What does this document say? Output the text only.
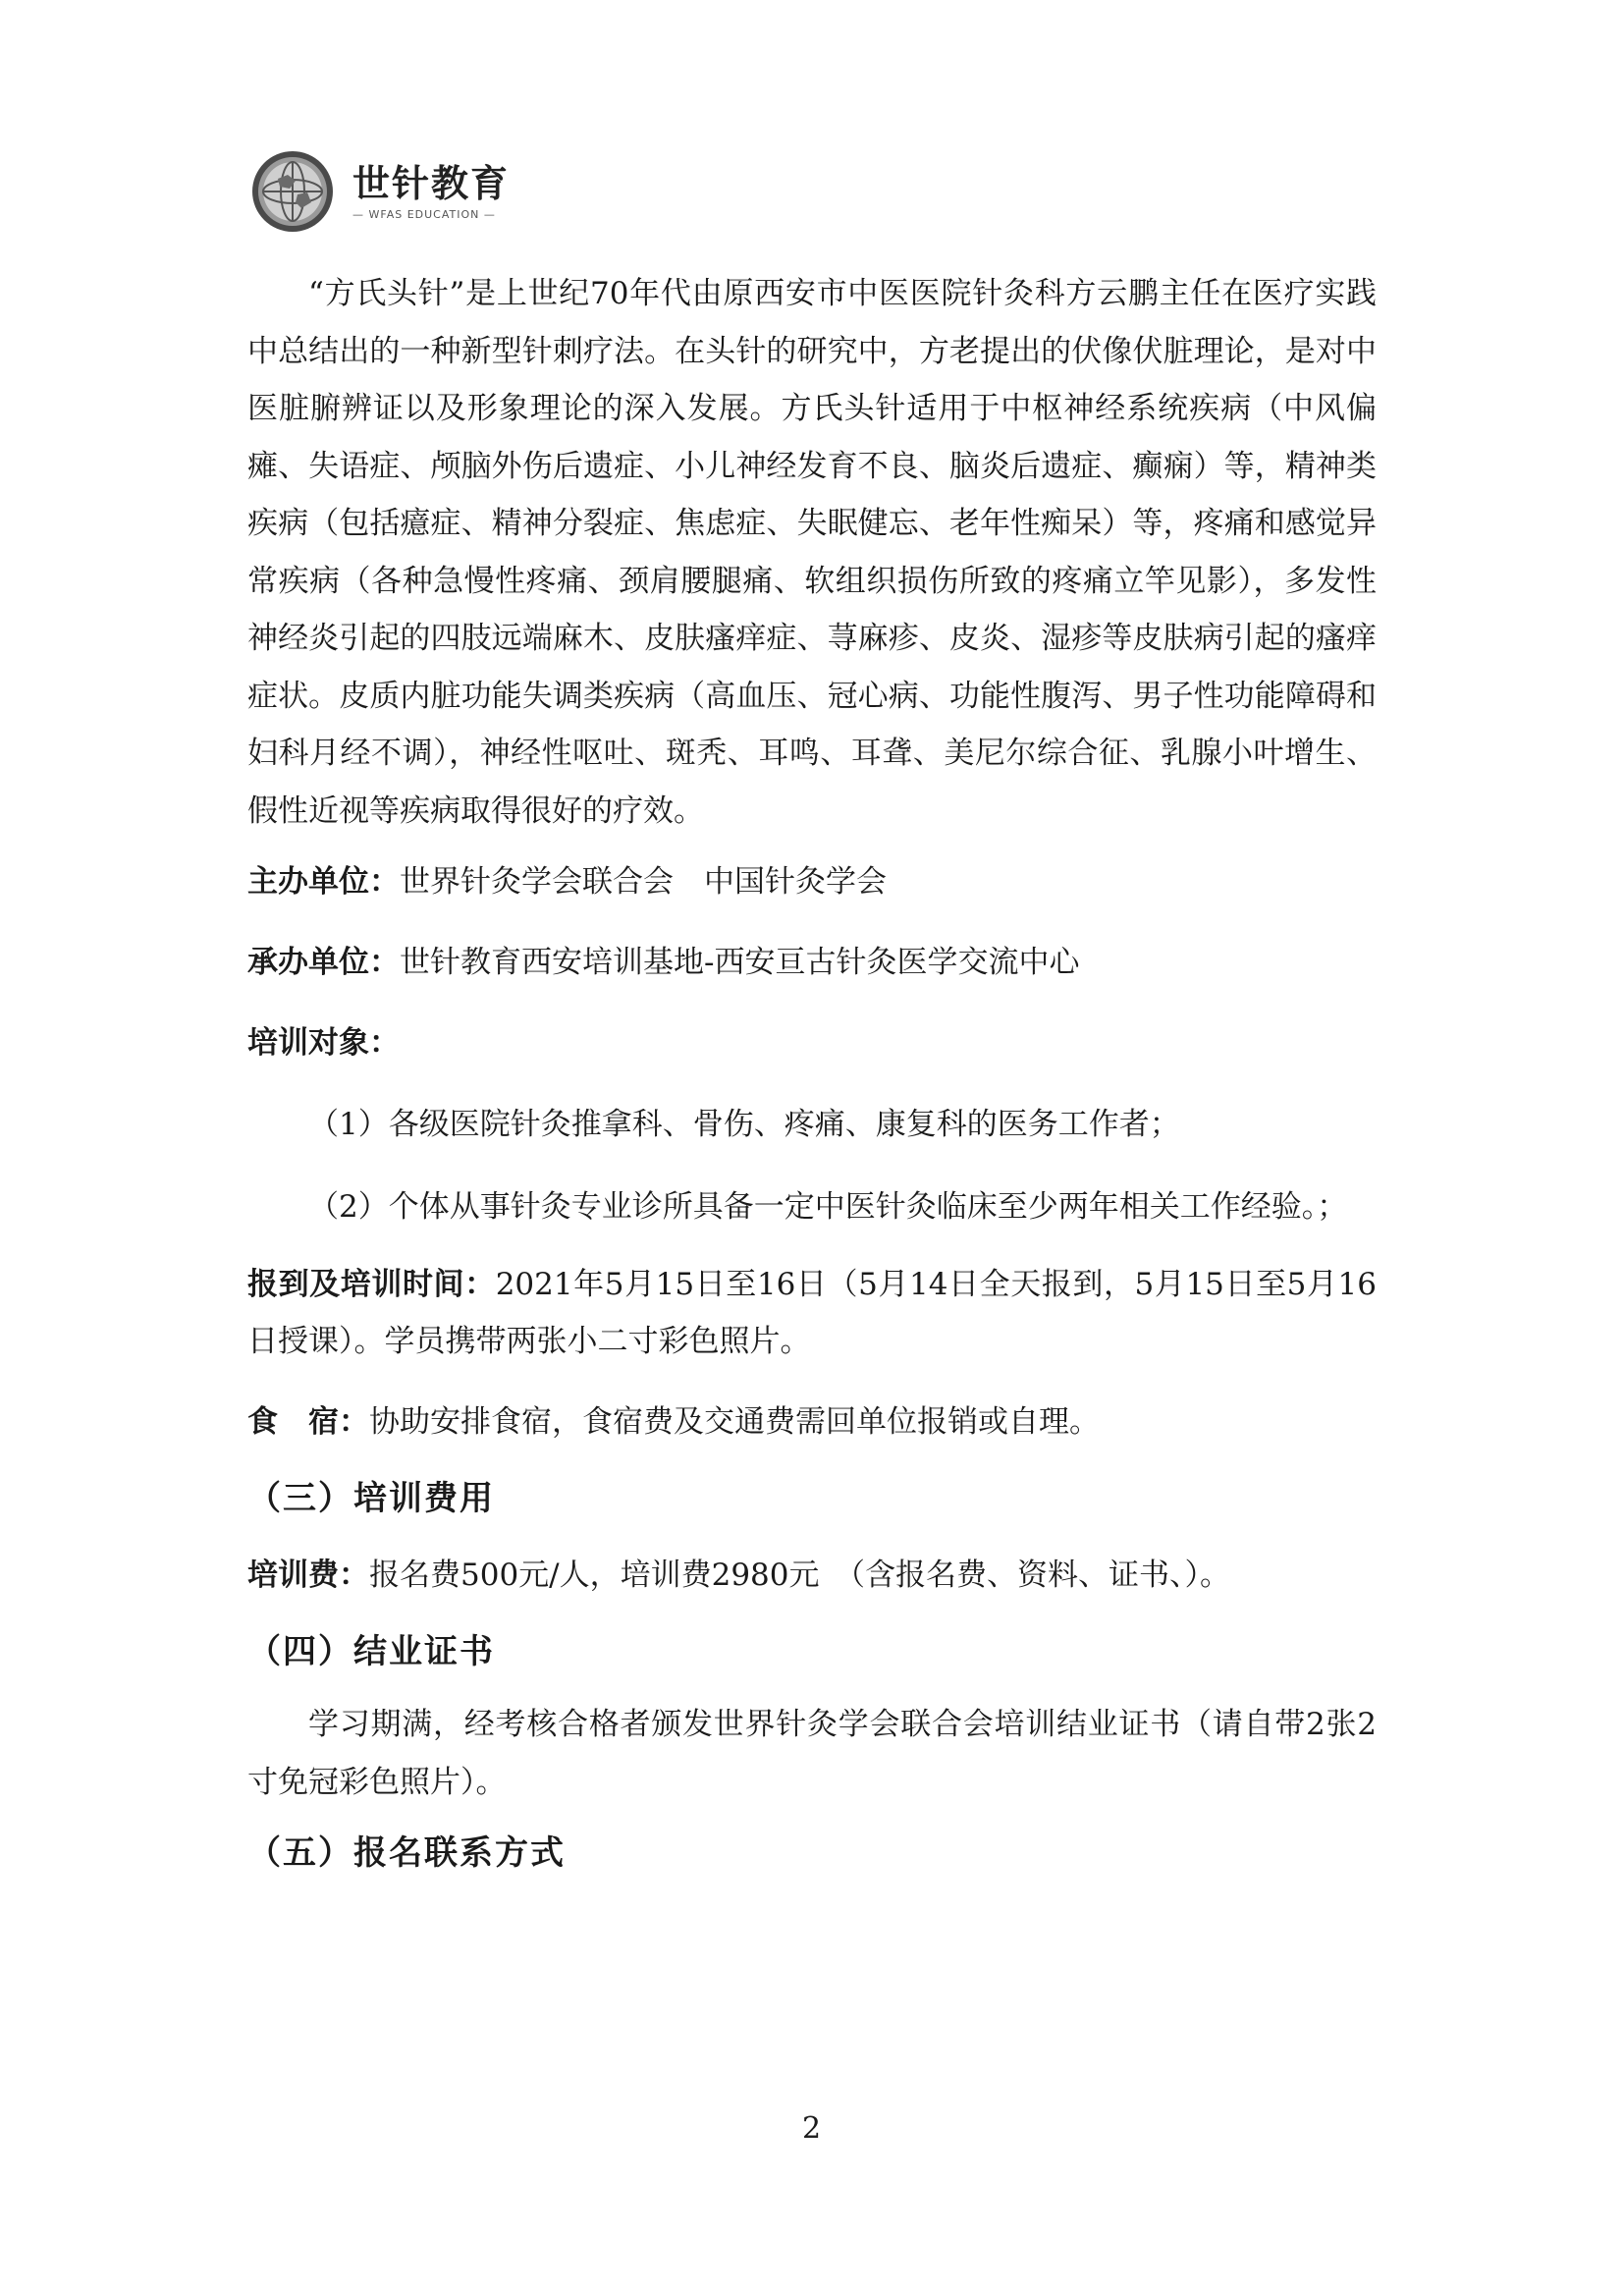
世针教育
— WFAS EDUCATION —

“方氏头针”是上世纪70年代由原西安市中医医院针灸科方云鹏主任在医疗实践中总结出的一种新型针刺疗法。在头针的研究中，方老提出的伏像伏脏理论，是对中医脏腑辨证以及形象理论的深入发展。方氏头针适用于中枢神经系统疾病（中风偏瘫、失语症、颅脑外伤后遗症、小儿神经发育不良、脑炎后遗症、癫痫）等，精神类疾病（包括癔症、精神分裂症、焦虑症、失眠健忘、老年性痴呆）等，疼痛和感觉异常疾病（各种急慢性疼痛、颈肩腰腿痛、软组织损伤所致的疼痛立竿见影），多发性神经炎引起的四肢远端麻木、皮肤瘙痒症、荨麻疹、皮炎、湿疹等皮肤病引起的瘙痒症状。皮质内脏功能失调类疾病（高血压、冠心病、功能性腹泻、男子性功能障碍和妇科月经不调），神经性呕吐、斑秃、耳鸣、耳聋、美尼尔综合征、乳腺小叶增生、假性近视等疾病取得很好的疗效。

主办单位：世界针灸学会联合会　中国针灸学会

承办单位：世针教育西安培训基地-西安亘古针灸医学交流中心

培训对象：

（1）各级医院针灸推拿科、骨伤、疼痛、康复科的医务工作者；

（2）个体从事针灸专业诊所具备一定中医针灸临床至少两年相关工作经验。；

报到及培训时间：2021年5月15日至16日（5月14日全天报到，5月15日至5月16日授课）。学员携带两张小二寸彩色照片。

食　宿：协助安排食宿，食宿费及交通费需回单位报销或自理。

（三）培训费用

培训费：报名费500元/人，培训费2980元　（含报名费、资料、证书、）。

（四）结业证书

学习期满，经考核合格者颁发世界针灸学会联合会培训结业证书（请自带2张2寸免冠彩色照片）。

（五）报名联系方式

2
